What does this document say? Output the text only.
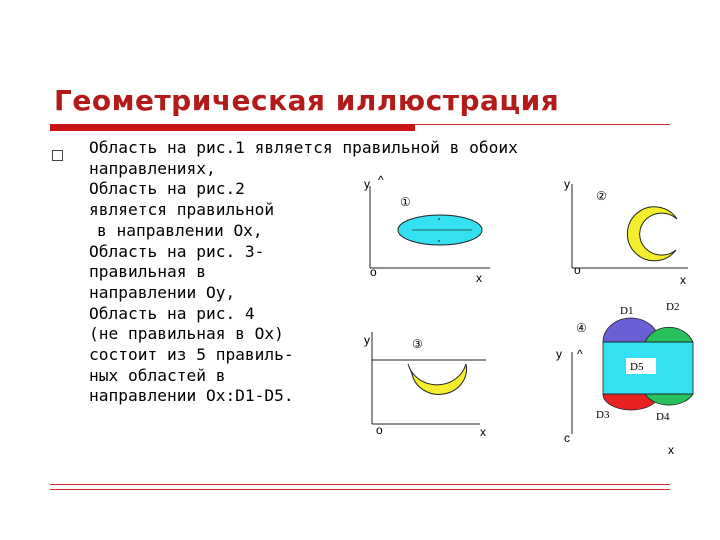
Геометрическая иллюстрация
Область на рис.1 является правильной в обоих
направлениях,
Область на рис.2
является правильной
в направлении Ох,
Область на рис. 3-
правильная в
направлении Оу,
Область на рис. 4
(не правильная в Ох)
состоит из 5 правиль-
ных областей в
направлении Ох:D1-D5.
y ^
x
o
①
y
x
o
②
y
x
o
③
y ^
x
c
④
D1	D2
D3	D4
D5
